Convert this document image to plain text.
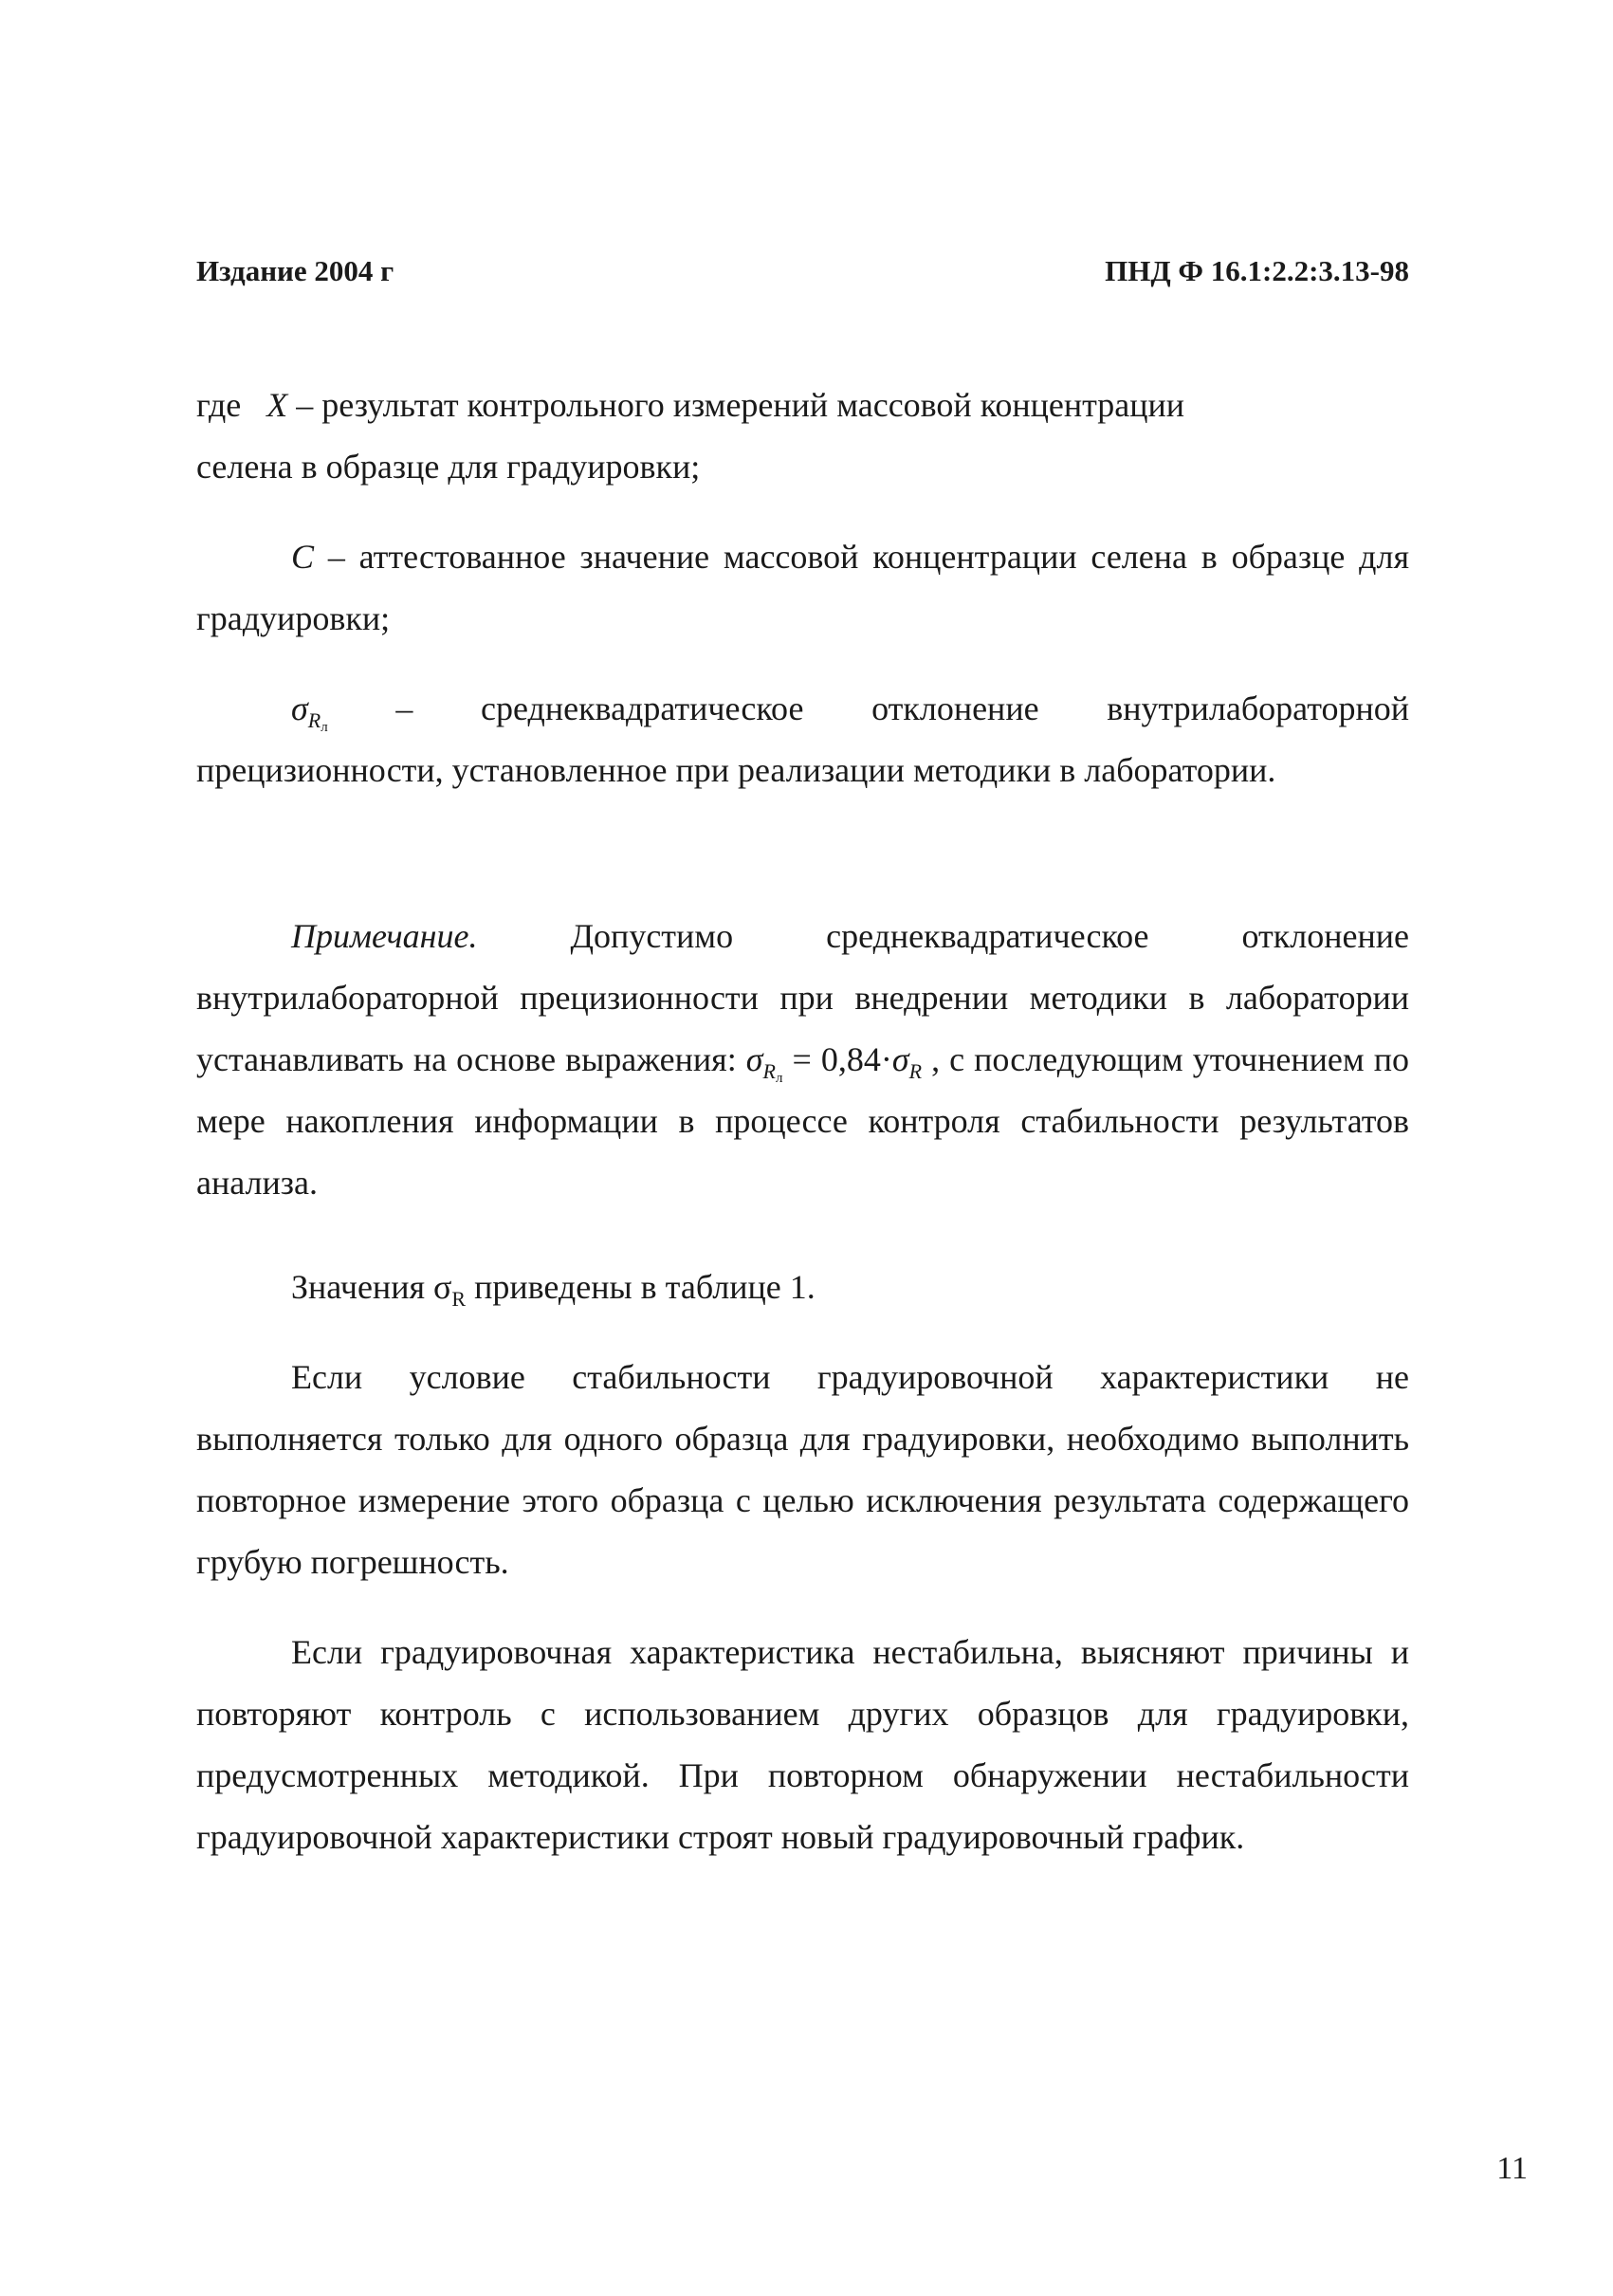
Издание 2004 г	ПНД Ф 16.1:2.2:3.13-98

где X – результат контрольного измерений массовой концентрации
селена в образце для градуировки;

C – аттестованное значение массовой концентрации селена в образце для градуировки;

$\sigma_{R_л}$ – среднеквадратическое отклонение внутрилабораторной прецизионности, установленное при реализации методики в лаборатории.

Примечание. Допустимо среднеквадратическое отклонение внутрилабораторной прецизионности при внедрении методики в лаборатории устанавливать на основе выражения: $\sigma_{R_л} = 0,84\cdot\sigma_R$ , с последующим уточнением по мере накопления информации в процессе контроля стабильности результатов анализа.

Значения $\sigma_R$ приведены в таблице 1.

Если условие стабильности градуировочной характеристики не выполняется только для одного образца для градуировки, необходимо выполнить повторное измерение этого образца с целью исключения результата содержащего грубую погрешность.

Если градуировочная характеристика нестабильна, выясняют причины и повторяют контроль с использованием других образцов для градуировки, предусмотренных методикой. При повторном обнаружении нестабильности градуировочной характеристики строят новый градуировочный график.

11
